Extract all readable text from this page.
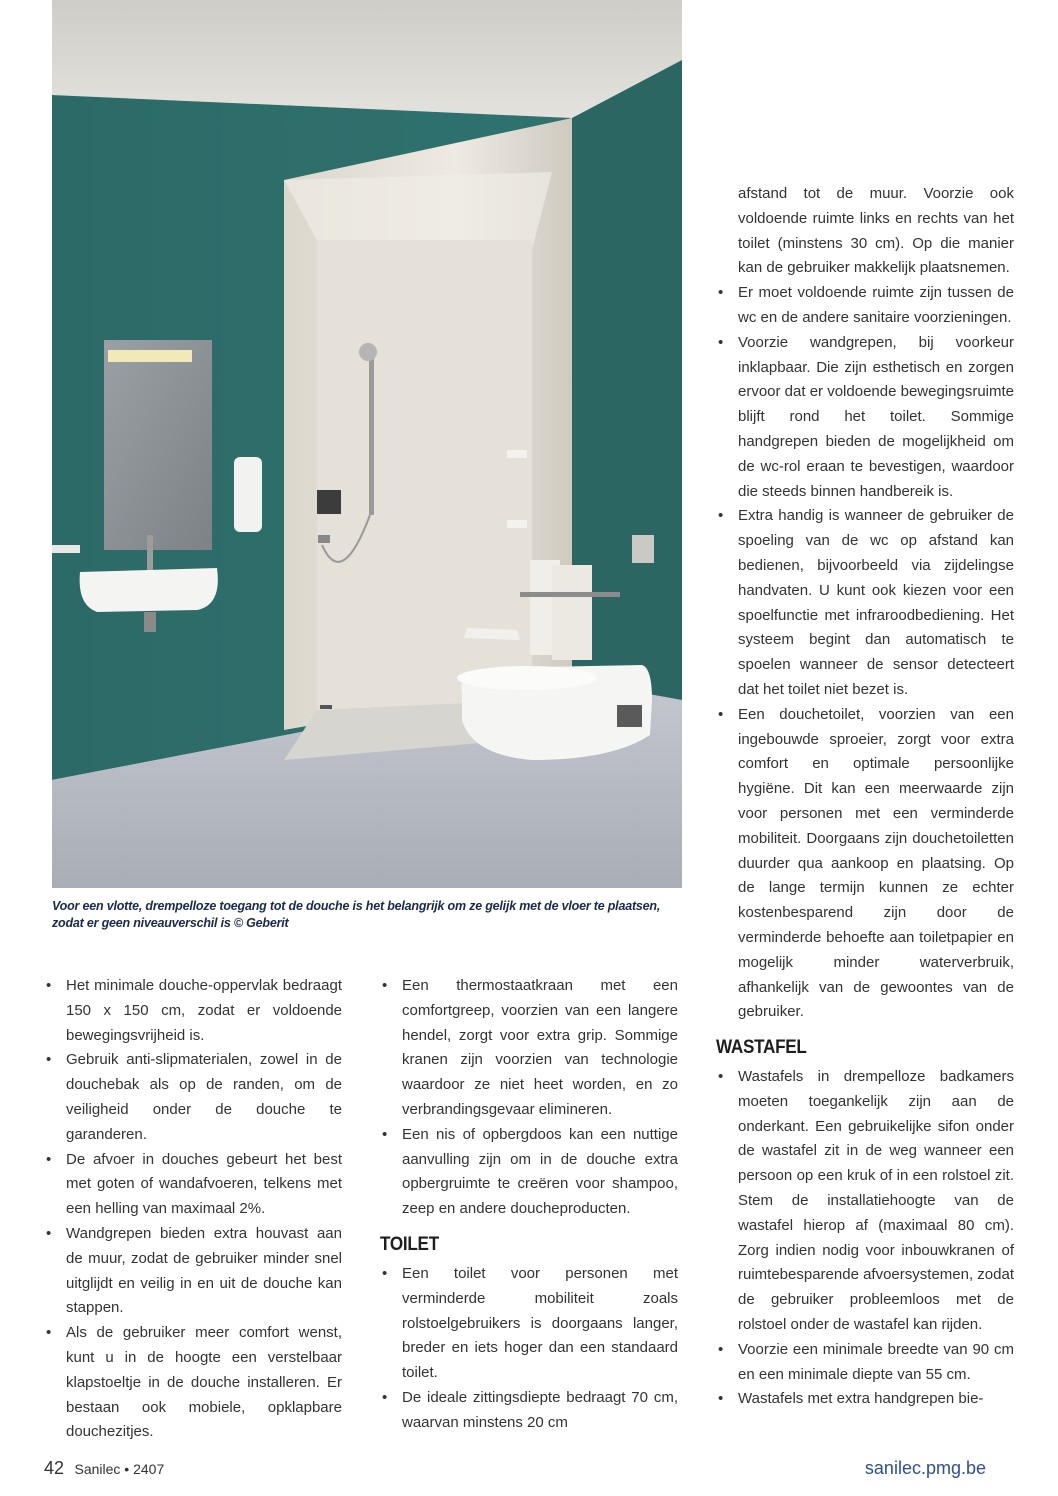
Voor een vlotte, drempelloze toegang tot de douche is het belangrijk om ze gelijk met de vloer te plaatsen, zodat er geen niveauverschil is © Geberit
• Het minimale douche-oppervlak bedraagt 150 x 150 cm, zodat er voldoende bewegingsvrijheid is.
• Gebruik anti-slipmaterialen, zowel in de douchebak als op de randen, om de veiligheid onder de douche te garanderen.
• De afvoer in douches gebeurt het best met goten of wandafvoeren, telkens met een helling van maximaal 2%.
• Wandgrepen bieden extra houvast aan de muur, zodat de gebruiker minder snel uitglijdt en veilig in en uit de douche kan stappen.
• Als de gebruiker meer comfort wenst, kunt u in de hoogte een verstelbaar klapstoeltje in de douche installeren. Er bestaan ook mobiele, opklapbare douchezitjes.
• Een thermostaatkraan met een comfortgreep, voorzien van een langere hendel, zorgt voor extra grip. Sommige kranen zijn voorzien van technologie waardoor ze niet heet worden, en zo verbrandingsgevaar elimineren.
• Een nis of opbergdoos kan een nuttige aanvulling zijn om in de douche extra opbergruimte te creëren voor shampoo, zeep en andere doucheproducten.
TOILET
• Een toilet voor personen met verminderde mobiliteit zoals rolstoelgebruikers is doorgaans langer, breder en iets hoger dan een standaard toilet.
• De ideale zittingsdiepte bedraagt 70 cm, waarvan minstens 20 cm

afstand tot de muur. Voorzie ook voldoende ruimte links en rechts van het toilet (minstens 30 cm). Op die manier kan de gebruiker makkelijk plaatsnemen.

• Er moet voldoende ruimte zijn tussen de wc en de andere sanitaire voorzieningen.
• Voorzie wandgrepen, bij voorkeur inklapbaar. Die zijn esthetisch en zorgen ervoor dat er voldoende bewegingsruimte blijft rond het toilet. Sommige handgrepen bieden de mogelijkheid om de wc-rol eraan te bevestigen, waardoor die steeds binnen handbereik is.
• Extra handig is wanneer de gebruiker de spoeling van de wc op afstand kan bedienen, bijvoorbeeld via zijdelingse handvaten. U kunt ook kiezen voor een spoelfunctie met infraroodbediening. Het systeem begint dan automatisch te spoelen wanneer de sensor detecteert dat het toilet niet bezet is.
• Een douchetoilet, voorzien van een ingebouwde sproeier, zorgt voor extra comfort en optimale persoonlijke hygiëne. Dit kan een meerwaarde zijn voor personen met een verminderde mobiliteit. Doorgaans zijn douchetoiletten duurder qua aankoop en plaatsing. Op de lange termijn kunnen ze echter kostenbesparend zijn door de verminderde behoefte aan toiletpapier en mogelijk minder waterverbruik, afhankelijk van de gewoontes van de gebruiker.
WASTAFEL
• Wastafels in drempelloze badkamers moeten toegankelijk zijn aan de onderkant. Een gebruikelijke sifon onder de wastafel zit in de weg wanneer een persoon op een kruk of in een rolstoel zit. Stem de installatiehoogte van de wastafel hierop af (maximaal 80 cm). Zorg indien nodig voor inbouwkranen of ruimtebesparende afvoersystemen, zodat de gebruiker probleemloos met de rolstoel onder de wastafel kan rijden.
• Voorzie een minimale breedte van 90 cm en een minimale diepte van 55 cm.
• Wastafels met extra handgrepen bie-
42 Sanilec • 2407	sanilec.pmg.be
